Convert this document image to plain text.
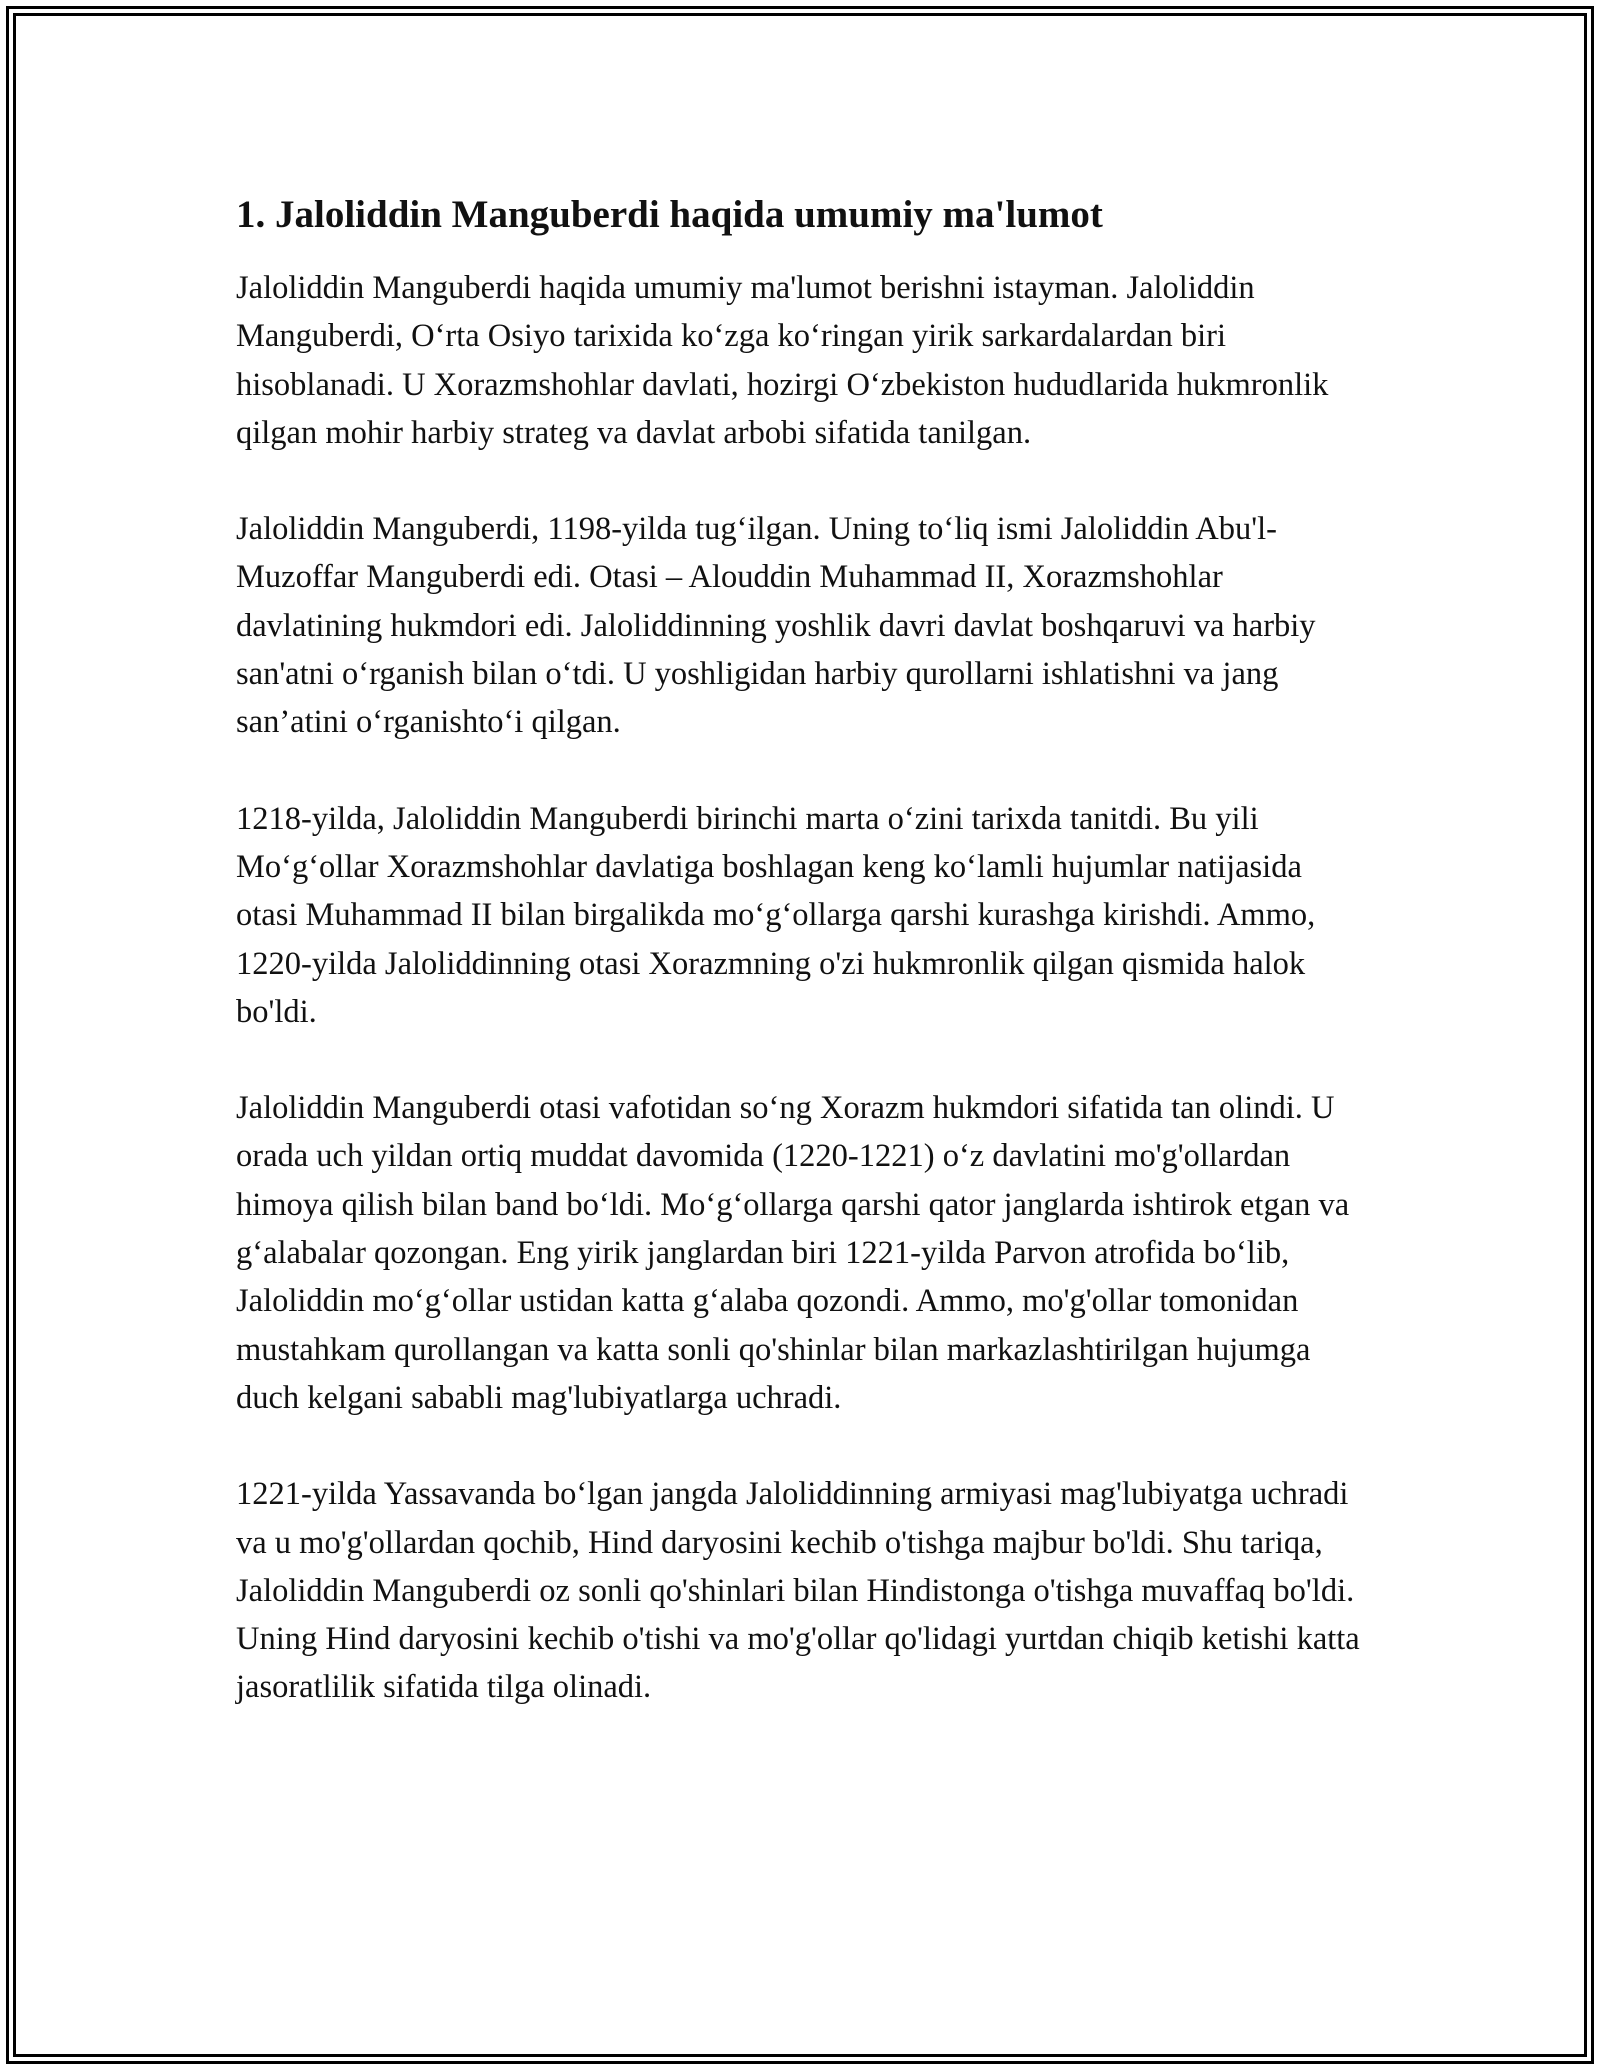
1. Jaloliddin Manguberdi haqida umumiy ma'lumot

Jaloliddin Manguberdi haqida umumiy ma'lumot berishni istayman. Jaloliddin Manguberdi, Oʻrta Osiyo tarixida koʻzga koʻringan yirik sarkardalardan biri hisoblanadi. U Xorazmshohlar davlati, hozirgi Oʻzbekiston hududlarida hukmronlik qilgan mohir harbiy strateg va davlat arbobi sifatida tanilgan.

Jaloliddin Manguberdi, 1198-yilda tugʻilgan. Uning toʻliq ismi Jaloliddin Abu'l-Muzoffar Manguberdi edi. Otasi – Alouddin Muhammad II, Xorazmshohlar davlatining hukmdori edi. Jaloliddinning yoshlik davri davlat boshqaruvi va harbiy san'atni oʻrganish bilan oʻtdi. U yoshligidan harbiy qurollarni ishlatishni va jang san’atini oʻrganishtoʻi qilgan.

1218-yilda, Jaloliddin Manguberdi birinchi marta oʻzini tarixda tanitdi. Bu yili Moʻgʻollar Xorazmshohlar davlatiga boshlagan keng koʻlamli hujumlar natijasida otasi Muhammad II bilan birgalikda moʻgʻollarga qarshi kurashga kirishdi. Ammo, 1220-yilda Jaloliddinning otasi Xorazmning o'zi hukmronlik qilgan qismida halok bo'ldi.

Jaloliddin Manguberdi otasi vafotidan soʻng Xorazm hukmdori sifatida tan olindi. U orada uch yildan ortiq muddat davomida (1220-1221) oʻz davlatini mo'g'ollardan himoya qilish bilan band boʻldi. Moʻgʻollarga qarshi qator janglarda ishtirok etgan va gʻalabalar qozongan. Eng yirik janglardan biri 1221-yilda Parvon atrofida boʻlib, Jaloliddin moʻgʻollar ustidan katta gʻalaba qozondi. Ammo, mo'g'ollar tomonidan mustahkam qurollangan va katta sonli qo'shinlar bilan markazlashtirilgan hujumga duch kelgani sababli mag'lubiyatlarga uchradi.

1221-yilda Yassavanda boʻlgan jangda Jaloliddinning armiyasi mag'lubiyatga uchradi va u mo'g'ollardan qochib, Hind daryosini kechib o'tishga majbur bo'ldi. Shu tariqa, Jaloliddin Manguberdi oz sonli qo'shinlari bilan Hindistonga o'tishga muvaffaq bo'ldi. Uning Hind daryosini kechib o'tishi va mo'g'ollar qo'lidagi yurtdan chiqib ketishi katta jasoratlilik sifatida tilga olinadi.
